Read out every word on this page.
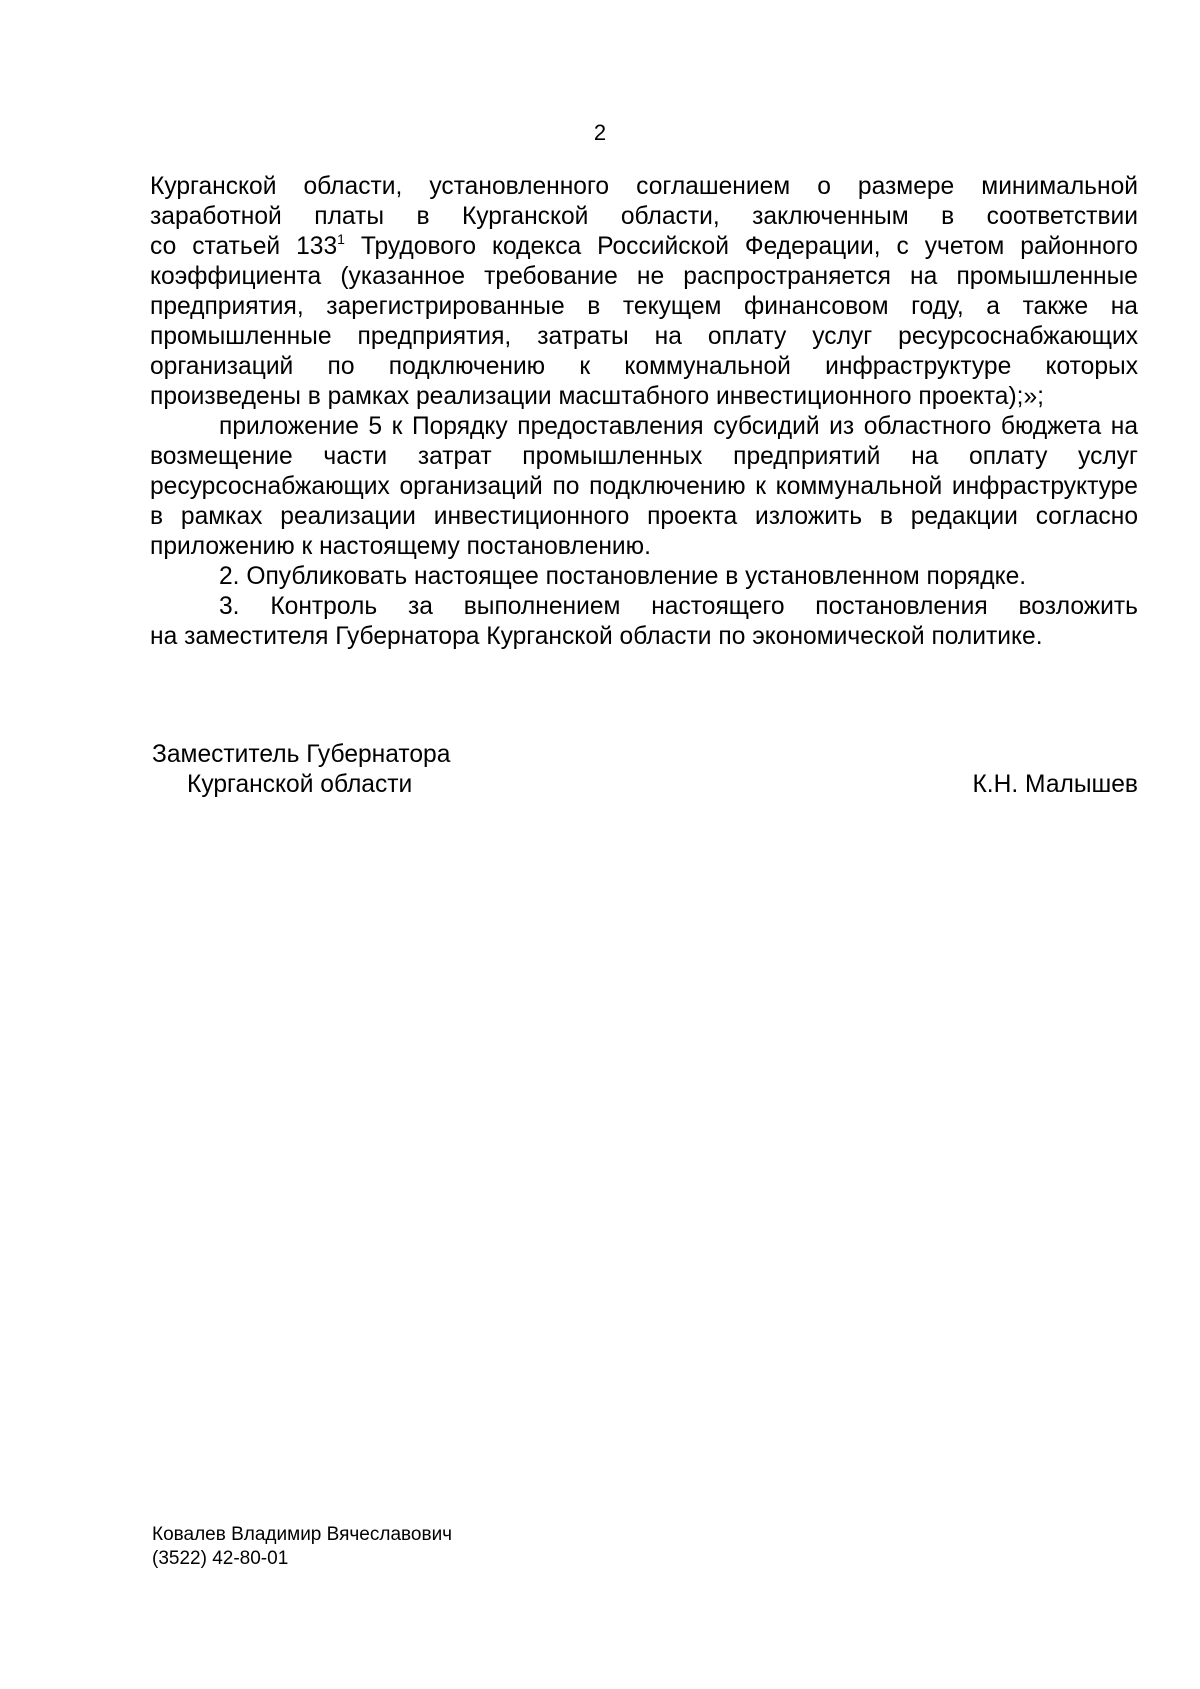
2
Курганской области, установленного соглашением о размере минимальной
заработной платы в Курганской области, заключенным в соответствии
со статьей $133^1$ Трудового кодекса Российской Федерации, с учетом районного
коэффициента (указанное требование не распространяется на промышленные
предприятия, зарегистрированные в текущем финансовом году, а также на
промышленные предприятия, затраты на оплату услуг ресурсоснабжающих
организаций по подключению к коммунальной инфраструктуре которых
произведены в рамках реализации масштабного инвестиционного проекта);»;
приложение 5 к Порядку предоставления субсидий из областного бюджета на
возмещение части затрат промышленных предприятий на оплату услуг
ресурсоснабжающих организаций по подключению к коммунальной инфраструктуре
в рамках реализации инвестиционного проекта изложить в редакции согласно
приложению к настоящему постановлению.
2. Опубликовать настоящее постановление в установленном порядке.
3. Контроль за выполнением настоящего постановления возложить
на заместителя Губернатора Курганской области по экономической политике.
Заместитель Губернатора
Курганской области	К.Н. Малышев
Ковалев Владимир Вячеславович
(3522) 42-80-01
